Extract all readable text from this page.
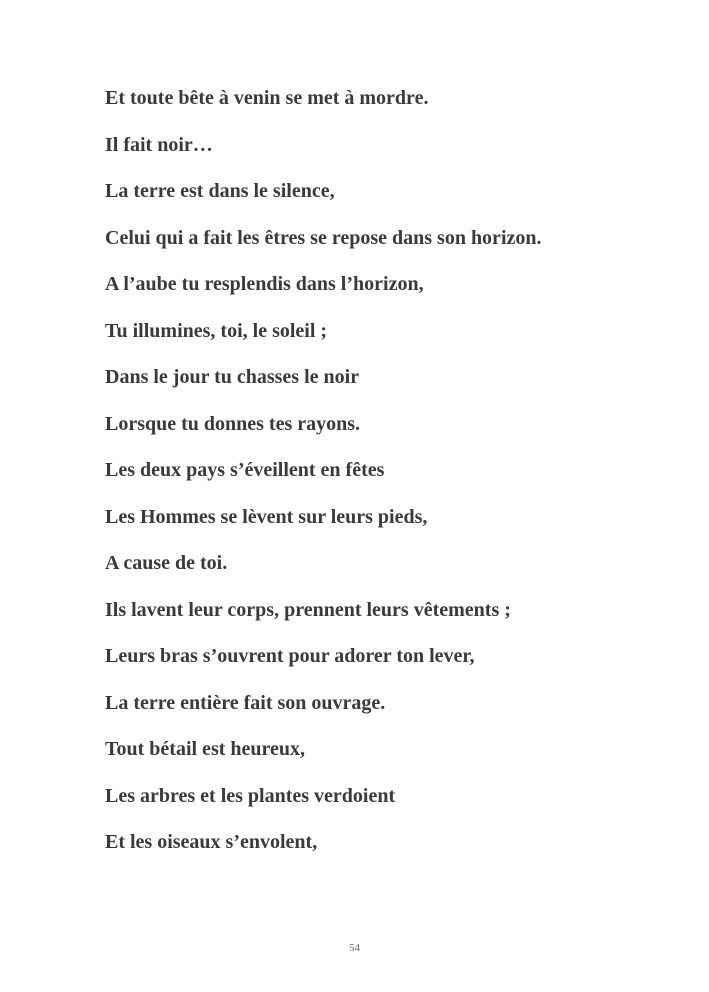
Et toute bête à venin se met à mordre.

Il fait noir…

La terre est dans le silence,

Celui qui a fait les êtres se repose dans son horizon.

A l’aube tu resplendis dans l’horizon,

Tu illumines, toi, le soleil ;

Dans le jour tu chasses le noir

Lorsque tu donnes tes rayons.

Les deux pays s’éveillent en fêtes

Les Hommes se lèvent sur leurs pieds,

A cause de toi.

Ils lavent leur corps, prennent leurs vêtements ;

Leurs bras s’ouvrent pour adorer ton lever,

La terre entière fait son ouvrage.

Tout bétail est heureux,

Les arbres et les plantes verdoient

Et les oiseaux s’envolent,

54
